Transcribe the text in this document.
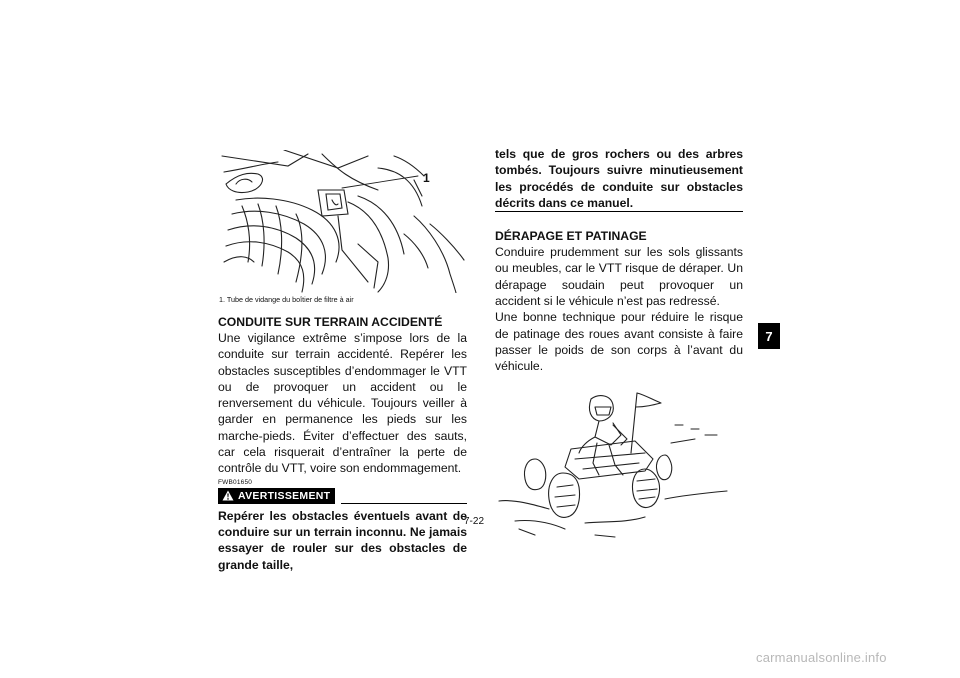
1
1. Tube de vidange du boîtier de filtre à air
CONDUITE SUR TERRAIN ACCIDENTÉ

Une vigilance extrême s’impose lors de la conduite sur terrain accidenté. Repérer les obstacles susceptibles d’endommager le VTT ou de provoquer un accident ou le renversement du véhicule. Toujours veiller à garder en permanence les pieds sur les marche-pieds. Éviter d’effectuer des sauts, car cela risquerait d’entraîner la perte de contrôle du VTT, voire son endommagement.

FWB01650
AVERTISSEMENT

Repérer les obstacles éventuels avant de conduire sur un terrain inconnu. Ne jamais essayer de rouler sur des obstacles de grande taille,

tels que de gros rochers ou des arbres tombés. Toujours suivre minutieusement les procédés de conduite sur obstacles décrits dans ce manuel.

DÉRAPAGE ET PATINAGE

Conduire prudemment sur les sols glissants ou meubles, car le VTT risque de déraper. Un dérapage soudain peut provoquer un accident si le véhicule n’est pas redressé.

Une bonne technique pour réduire le risque de patinage des roues avant consiste à faire passer le poids de son corps à l’avant du véhicule.

7-22
7
carmanualsonline.info
